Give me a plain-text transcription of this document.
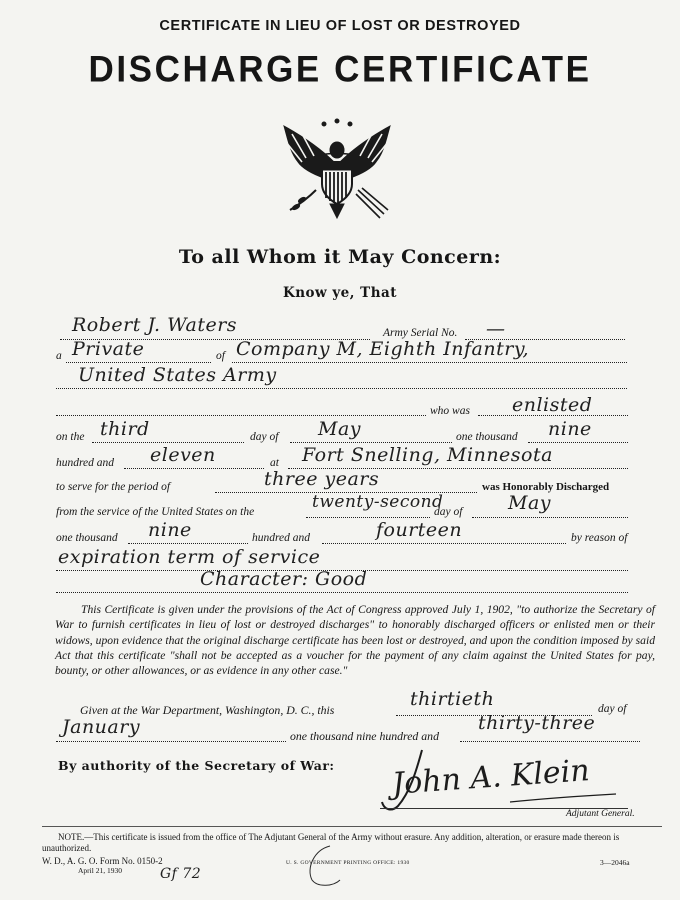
CERTIFICATE IN LIEU OF LOST OR DESTROYED
DISCHARGE CERTIFICATE
To all Whom it May Concern:
Know ye, That
Robert J. Waters	Army Serial No. —
a Private	of Company M, Eighth Infantry,
United States Army
who was enlisted
on the third	day of May	one thousand nine
hundred and eleven	at Fort Snelling, Minnesota
to serve for the period of	three years	was Honorably Discharged
from the service of the United States on the	twenty-second
day of May
one thousand nine	hundred and	fourteen	by reason of
expiration term of service
Character: Good
This Certificate is given under the provisions of the Act of Congress approved July 1, 1902, "to authorize the Secretary of War to furnish certificates in lieu of lost or destroyed discharges" to honorably discharged officers or enlisted men or their widows, upon evidence that the original discharge certificate has been lost or destroyed, and upon the condition imposed by said Act that this certificate "shall not be accepted as a voucher for the payment of any claim against the United States for pay, bounty, or other allowances, or as evidence in any other case."
Given at the War Department, Washington, D. C., this	thirtieth	day of
January	one thousand nine hundred and
thirty-three
By authority of the Secretary of War: John A. Klein
Adjutant General.
NOTE.—This certificate is issued from the office of The Adjutant General of the Army without erasure. Any addition, alteration, or erasure made thereon is unauthorized.
W. D., A. G. O. Form No. 0150-2
April 21, 1930	Gf 72
U. S. GOVERNMENT PRINTING OFFICE: 1930	3—2046a
